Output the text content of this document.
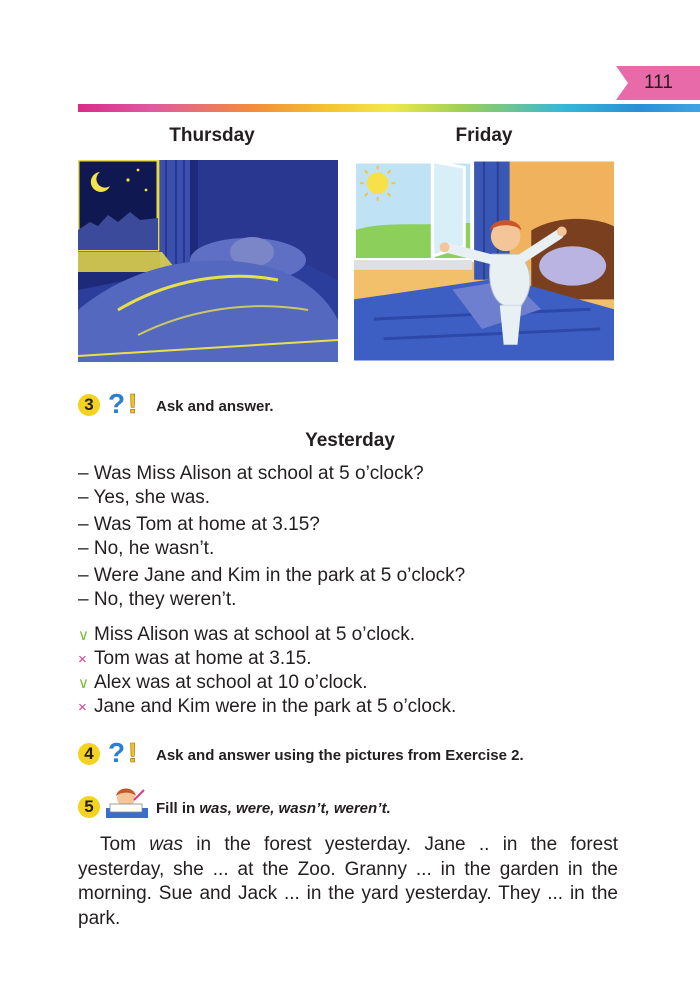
111
Thursday	Friday
3 ? ! Ask and answer.
Yesterday
– Was Miss Alison at school at 5 o’clock?
– Yes, she was.
– Was Tom at home at 3.15?
– No, he wasn’t.
– Were Jane and Kim in the park at 5 o’clock?
– No, they weren’t.
∨ Miss Alison was at school at 5 o’clock.
× Tom was at home at 3.15.
∨ Alex was at school at 10 o’clock.
× Jane and Kim were in the park at 5 o’clock.
4 ? ! Ask and answer using the pictures from Exercise 2.
5	Fill in was, were, wasn’t, weren’t.

Tom was in the forest yesterday. Jane .. in the forest yesterday, she ... at the Zoo. Granny ... in the garden in the morning. Sue and Jack ... in the yard yesterday. They ... in the park.
